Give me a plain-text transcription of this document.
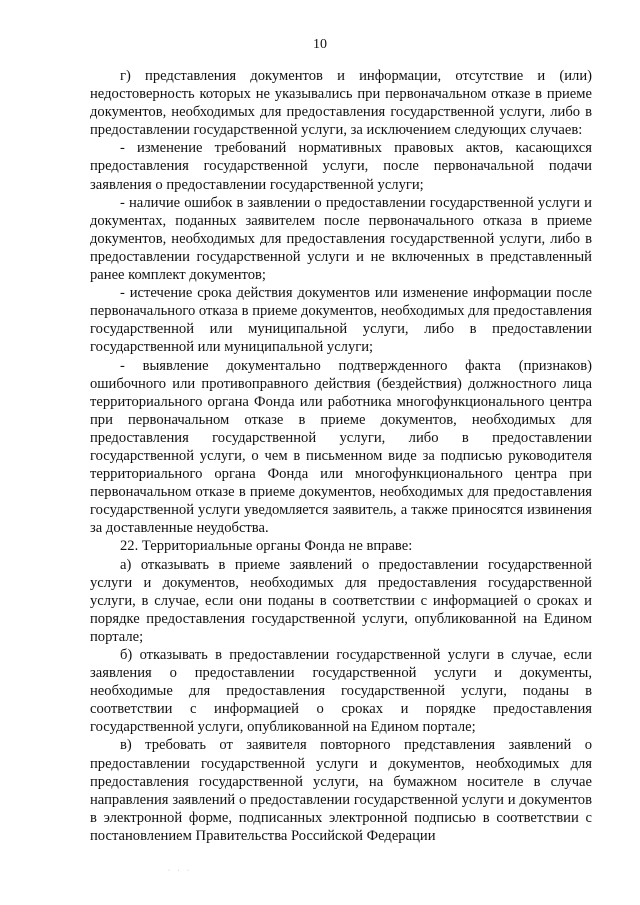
10

г) представления документов и информации, отсутствие и (или) недостоверность которых не указывались при первоначальном отказе в приеме документов, необходимых для предоставления государственной услуги, либо в предоставлении государственной услуги, за исключением следующих случаев:

- изменение требований нормативных правовых актов, касающихся предоставления государственной услуги, после первоначальной подачи заявления о предоставлении государственной услуги;

- наличие ошибок в заявлении о предоставлении государственной услуги и документах, поданных заявителем после первоначального отказа в приеме документов, необходимых для предоставления государственной услуги, либо в предоставлении государственной услуги и не включенных в представленный ранее комплект документов;

- истечение срока действия документов или изменение информации после первоначального отказа в приеме документов, необходимых для предоставления государственной или муниципальной услуги, либо в предоставлении государственной или муниципальной услуги;

- выявление документально подтвержденного факта (признаков) ошибочного или противоправного действия (бездействия) должностного лица территориального органа Фонда или работника многофункционального центра при первоначальном отказе в приеме документов, необходимых для предоставления государственной услуги, либо в предоставлении государственной услуги, о чем в письменном виде за подписью руководителя территориального органа Фонда или многофункционального центра при первоначальном отказе в приеме документов, необходимых для предоставления государственной услуги уведомляется заявитель, а также приносятся извинения за доставленные неудобства.

22. Территориальные органы Фонда не вправе:

а) отказывать в приеме заявлений о предоставлении государственной услуги и документов, необходимых для предоставления государственной услуги, в случае, если они поданы в соответствии с информацией о сроках и порядке предоставления государственной услуги, опубликованной на Едином портале;

б) отказывать в предоставлении государственной услуги в случае, если заявления о предоставлении государственной услуги и документы, необходимые для предоставления государственной услуги, поданы в соответствии с информацией о сроках и порядке предоставления государственной услуги, опубликованной на Едином портале;

в) требовать от заявителя повторного представления заявлений о предоставлении государственной услуги и документов, необходимых для предоставления государственной услуги, на бумажном носителе в случае направления заявлений о предоставлении государственной услуги и документов в электронной форме, подписанных электронной подписью в соответствии с постановлением Правительства Российской Федерации

· · ·
